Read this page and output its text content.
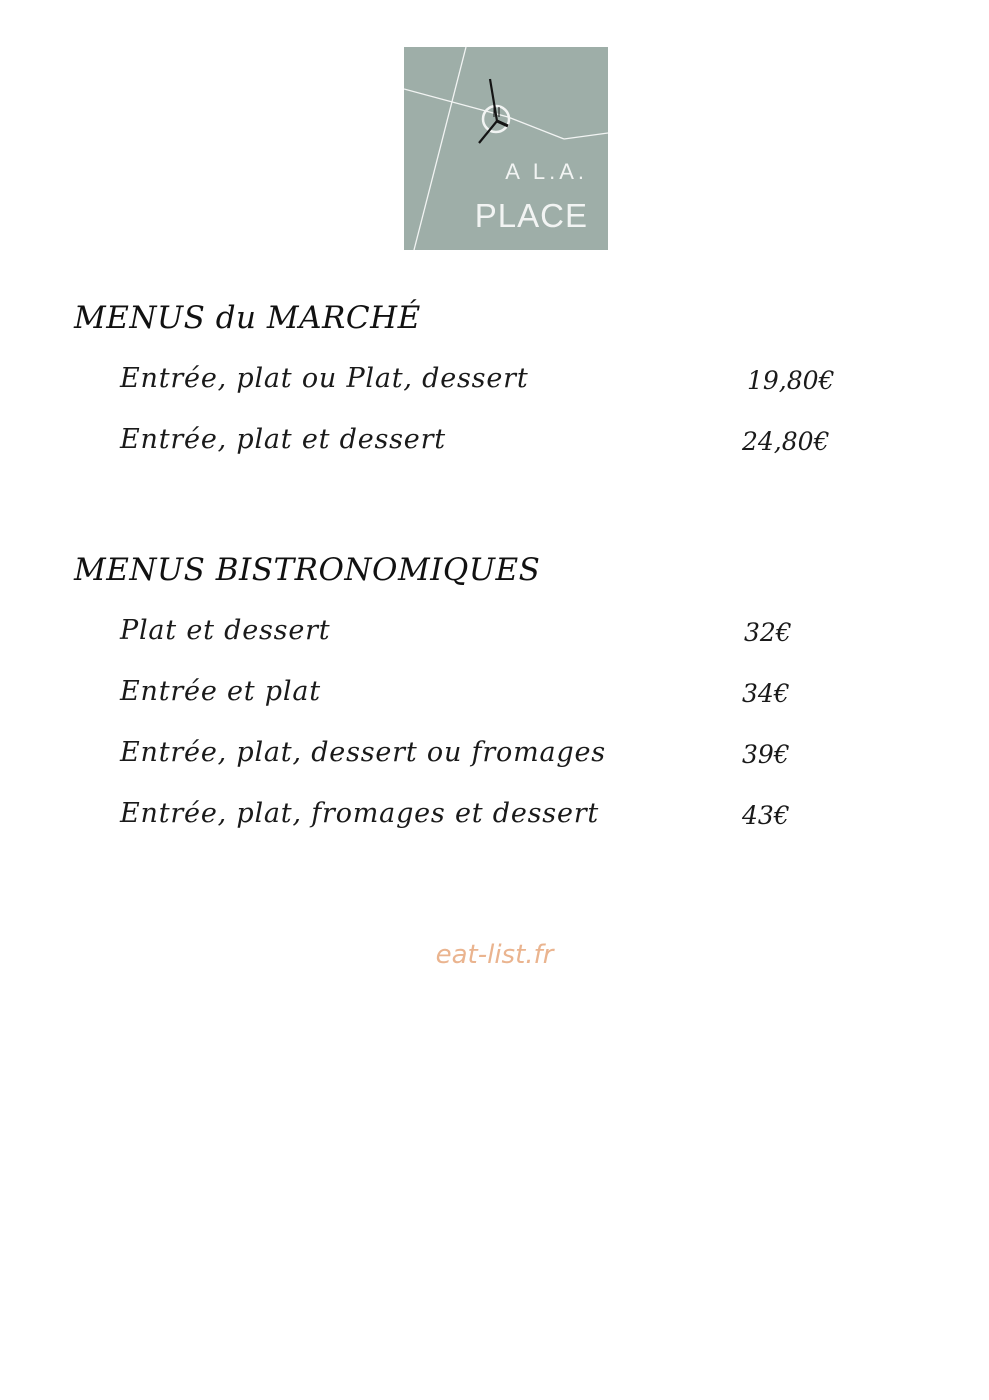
A L.A.
PLACE
MENUS du MARCHÉ
Entrée, plat ou Plat, dessert	19,80€
Entrée, plat et dessert	24,80€
MENUS BISTRONOMIQUES
Plat et dessert	32€
Entrée et plat	34€
Entrée, plat, dessert ou fromages	39€
Entrée, plat, fromages et dessert	43€
eat-list.fr
